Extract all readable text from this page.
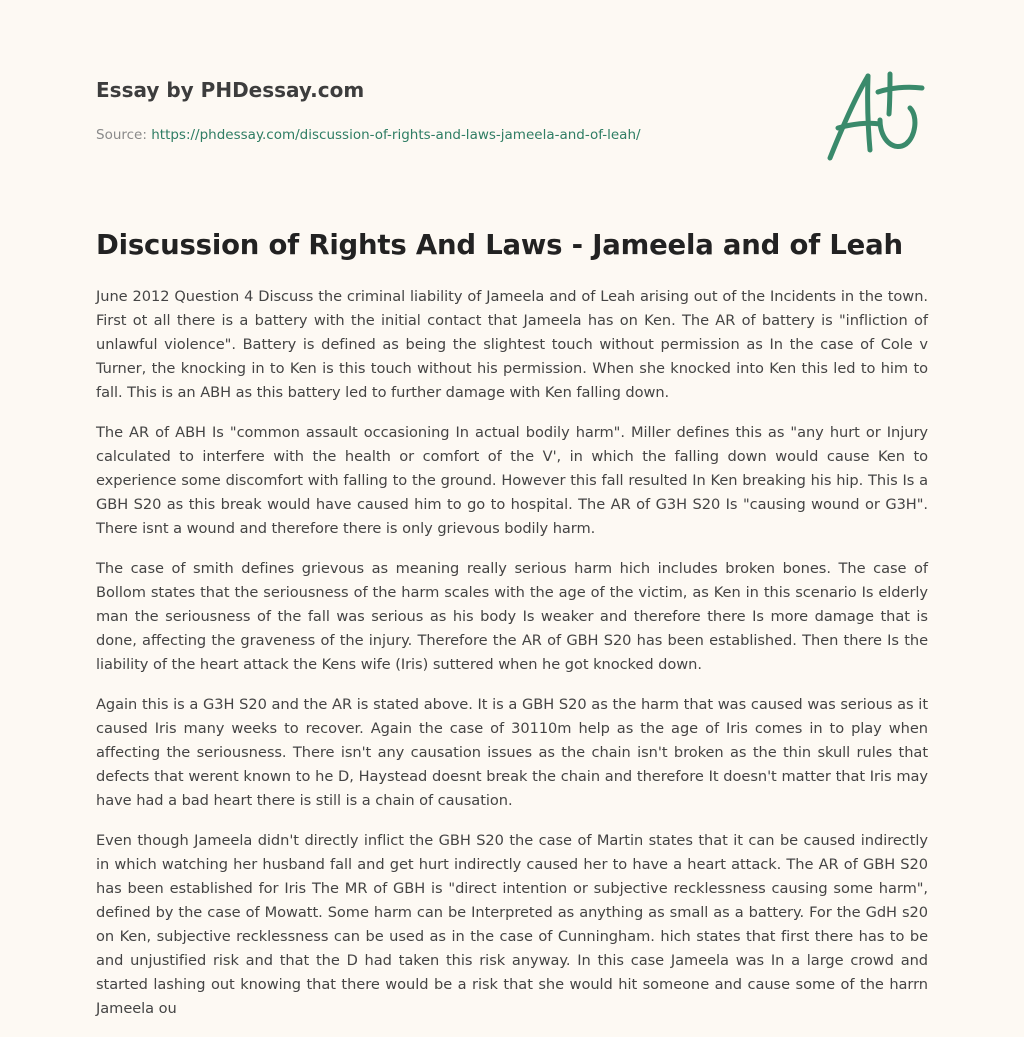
Essay by PHDessay.com

Source: https://phdessay.com/discussion-of-rights-and-laws-jameela-and-of-leah/
Discussion of Rights And Laws - Jameela and of Leah

June 2012 Question 4 Discuss the criminal liability of Jameela and of Leah arising out of the Incidents in the town. First ot all there is a battery with the initial contact that Jameela has on Ken. The AR of battery is "infliction of unlawful violence". Battery is defined as being the slightest touch without permission as In the case of Cole v Turner, the knocking in to Ken is this touch without his permission. When she knocked into Ken this led to him to fall. This is an ABH as this battery led to further damage with Ken falling down.

The AR of ABH Is "common assault occasioning In actual bodily harm". Miller defines this as "any hurt or Injury calculated to interfere with the health or comfort of the V', in which the falling down would cause Ken to experience some discomfort with falling to the ground. However this fall resulted In Ken breaking his hip. This Is a GBH S20 as this break would have caused him to go to hospital. The AR of G3H S20 Is "causing wound or G3H". There isnt a wound and therefore there is only grievous bodily harm.

The case of smith defines grievous as meaning really serious harm hich includes broken bones. The case of Bollom states that the seriousness of the harm scales with the age of the victim, as Ken in this scenario Is elderly man the seriousness of the fall was serious as his body Is weaker and therefore there Is more damage that is done, affecting the graveness of the injury. Therefore the AR of GBH S20 has been established. Then there Is the liability of the heart attack the Kens wife (Iris) suttered when he got knocked down.

Again this is a G3H S20 and the AR is stated above. It is a GBH S20 as the harm that was caused was serious as it caused Iris many weeks to recover. Again the case of 30110m help as the age of Iris comes in to play when affecting the seriousness. There isn't any causation issues as the chain isn't broken as the thin skull rules that defects that werent known to he D, Haystead doesnt break the chain and therefore It doesn't matter that Iris may have had a bad heart there is still is a chain of causation.

Even though Jameela didn't directly inflict the GBH S20 the case of Martin states that it can be caused indirectly in which watching her husband fall and get hurt indirectly caused her to have a heart attack. The AR of GBH S20 has been established for Iris The MR of GBH is "direct intention or subjective recklessness causing some harm", defined by the case of Mowatt. Some harm can be Interpreted as anything as small as a battery. For the GdH s20 on Ken, subjective recklessness can be used as in the case of Cunningham. hich states that first there has to be and unjustified risk and that the D had taken this risk anyway. In this case Jameela was In a large crowd and started lashing out knowing that there would be a risk that she would hit someone and cause some of the harrn Jameela ou
